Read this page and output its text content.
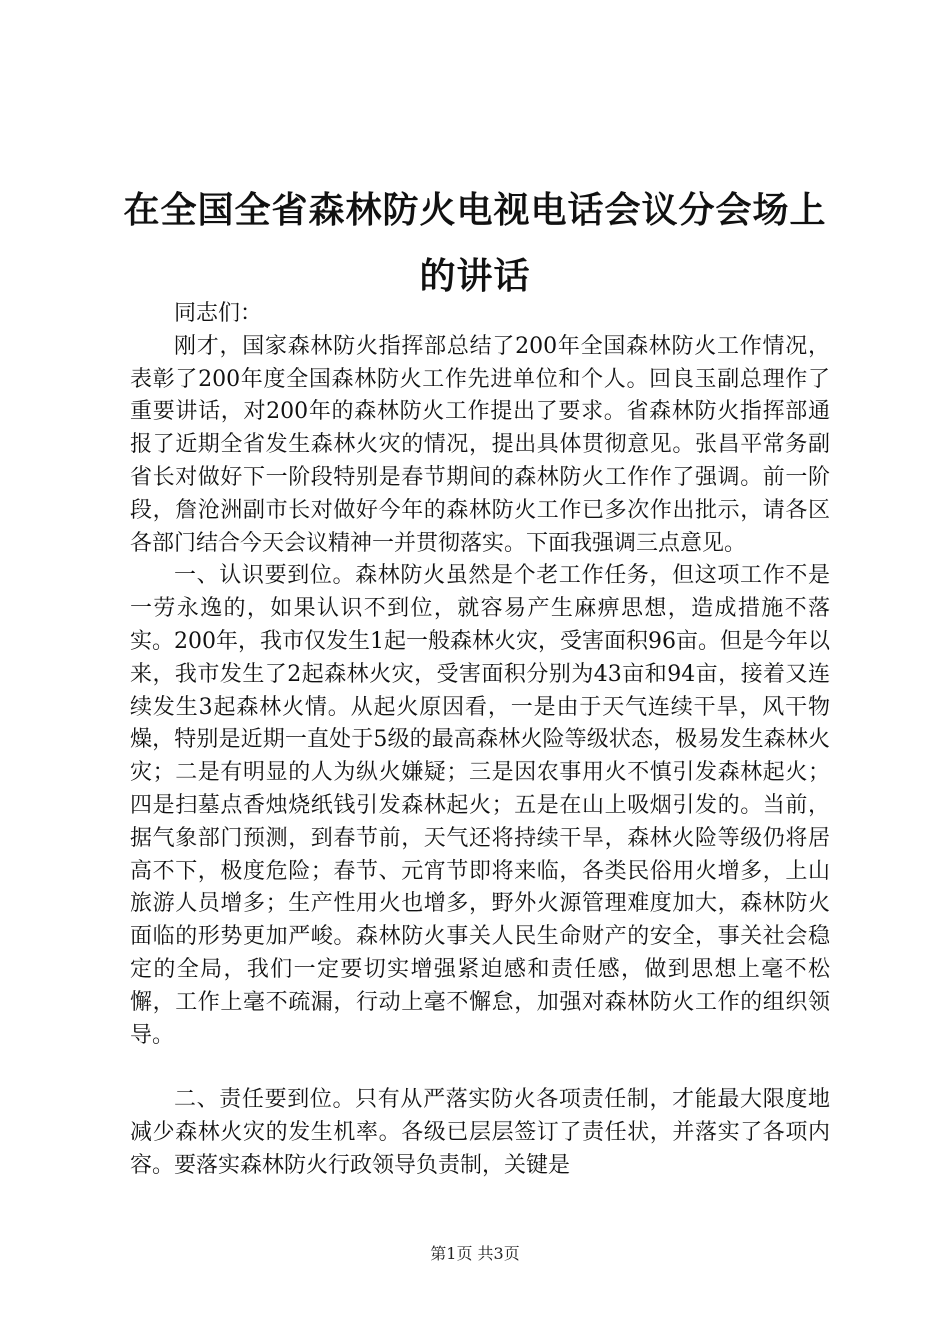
在全国全省森林防火电视电话会议分会场上的讲话

同志们：

刚才，国家森林防火指挥部总结了200年全国森林防火工作情况，表彰了200年度全国森林防火工作先进单位和个人。回良玉副总理作了重要讲话，对200年的森林防火工作提出了要求。省森林防火指挥部通报了近期全省发生森林火灾的情况，提出具体贯彻意见。张昌平常务副省长对做好下一阶段特别是春节期间的森林防火工作作了强调。前一阶段，詹沧洲副市长对做好今年的森林防火工作已多次作出批示，请各区各部门结合今天会议精神一并贯彻落实。下面我强调三点意见。

一、认识要到位。森林防火虽然是个老工作任务，但这项工作不是一劳永逸的，如果认识不到位，就容易产生麻痹思想，造成措施不落实。200年，我市仅发生1起一般森林火灾，受害面积96亩。但是今年以来，我市发生了2起森林火灾，受害面积分别为43亩和94亩，接着又连续发生3起森林火情。从起火原因看，一是由于天气连续干旱，风干物燥，特别是近期一直处于5级的最高森林火险等级状态，极易发生森林火灾；二是有明显的人为纵火嫌疑；三是因农事用火不慎引发森林起火；四是扫墓点香烛烧纸钱引发森林起火；五是在山上吸烟引发的。当前，据气象部门预测，到春节前，天气还将持续干旱，森林火险等级仍将居高不下，极度危险；春节、元宵节即将来临，各类民俗用火增多，上山旅游人员增多；生产性用火也增多，野外火源管理难度加大，森林防火面临的形势更加严峻。森林防火事关人民生命财产的安全，事关社会稳定的全局，我们一定要切实增强紧迫感和责任感，做到思想上毫不松懈，工作上毫不疏漏，行动上毫不懈怠，加强对森林防火工作的组织领导。

二、责任要到位。只有从严落实防火各项责任制，才能最大限度地减少森林火灾的发生机率。各级已层层签订了责任状，并落实了各项内容。要落实森林防火行政领导负责制，关键是

第1页 共3页
